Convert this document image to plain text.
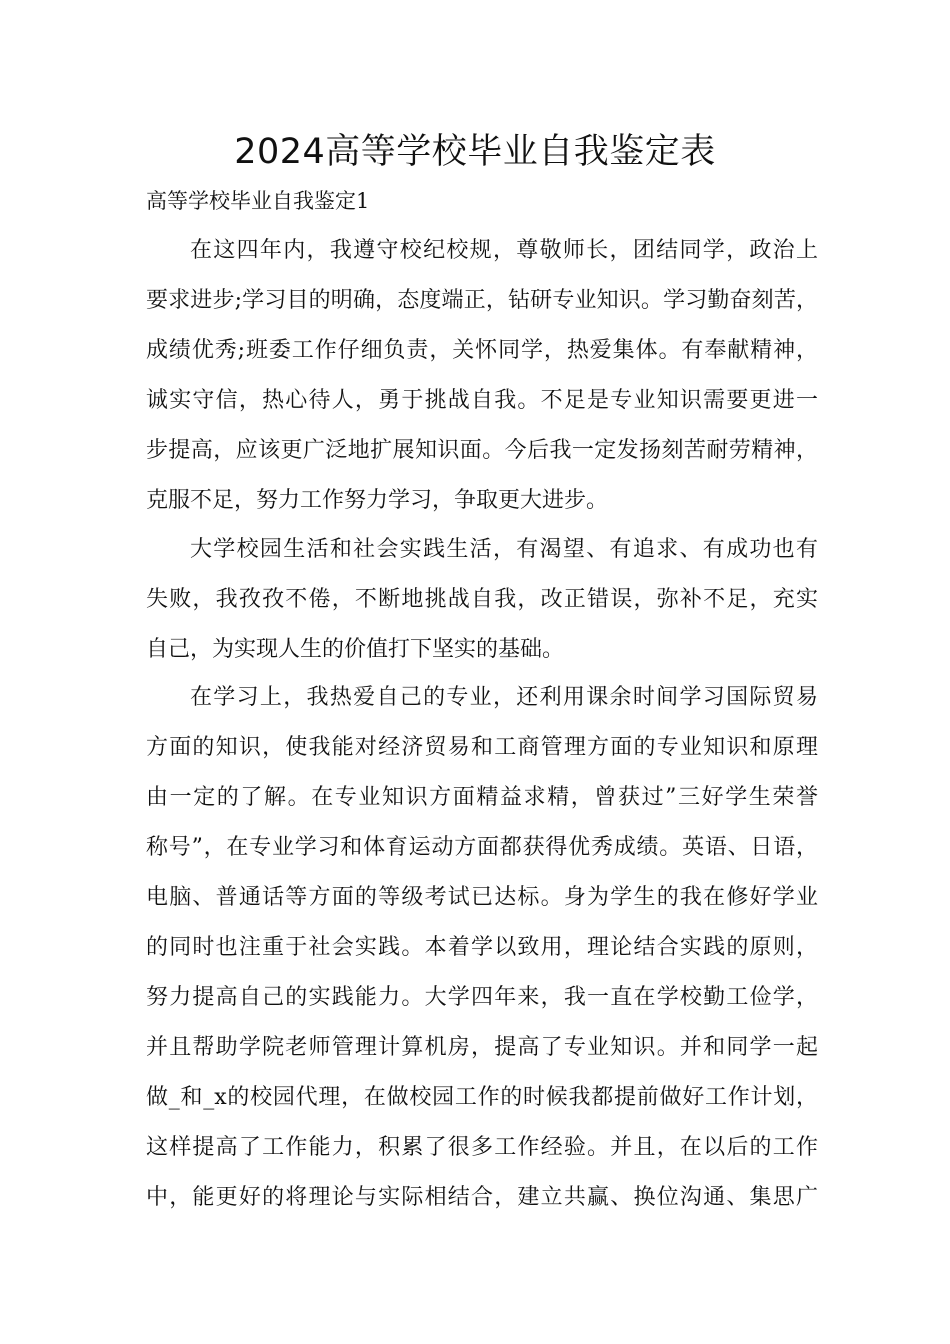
2024高等学校毕业自我鉴定表

高等学校毕业自我鉴定1

在这四年内，我遵守校纪校规，尊敬师长，团结同学，政治上
要求进步;学习目的明确，态度端正，钻研专业知识。学习勤奋刻苦，
成绩优秀;班委工作仔细负责，关怀同学，热爱集体。有奉献精神，
诚实守信，热心待人，勇于挑战自我。不足是专业知识需要更进一
步提高，应该更广泛地扩展知识面。今后我一定发扬刻苦耐劳精神，
克服不足，努力工作努力学习，争取更大进步。

大学校园生活和社会实践生活，有渴望、有追求、有成功也有
失败，我孜孜不倦，不断地挑战自我，改正错误，弥补不足，充实
自己，为实现人生的价值打下坚实的基础。

在学习上，我热爱自己的专业，还利用课余时间学习国际贸易
方面的知识，使我能对经济贸易和工商管理方面的专业知识和原理
由一定的了解。在专业知识方面精益求精，曾获过”三好学生荣誉
称号”，在专业学习和体育运动方面都获得优秀成绩。英语、日语，
电脑、普通话等方面的等级考试已达标。身为学生的我在修好学业
的同时也注重于社会实践。本着学以致用，理论结合实践的原则，
努力提高自己的实践能力。大学四年来，我一直在学校勤工俭学，
并且帮助学院老师管理计算机房，提高了专业知识。并和同学一起
做_和_x的校园代理，在做校园工作的时候我都提前做好工作计划，
这样提高了工作能力，积累了很多工作经验。并且，在以后的工作
中，能更好的将理论与实际相结合，建立共赢、换位沟通、集思广
